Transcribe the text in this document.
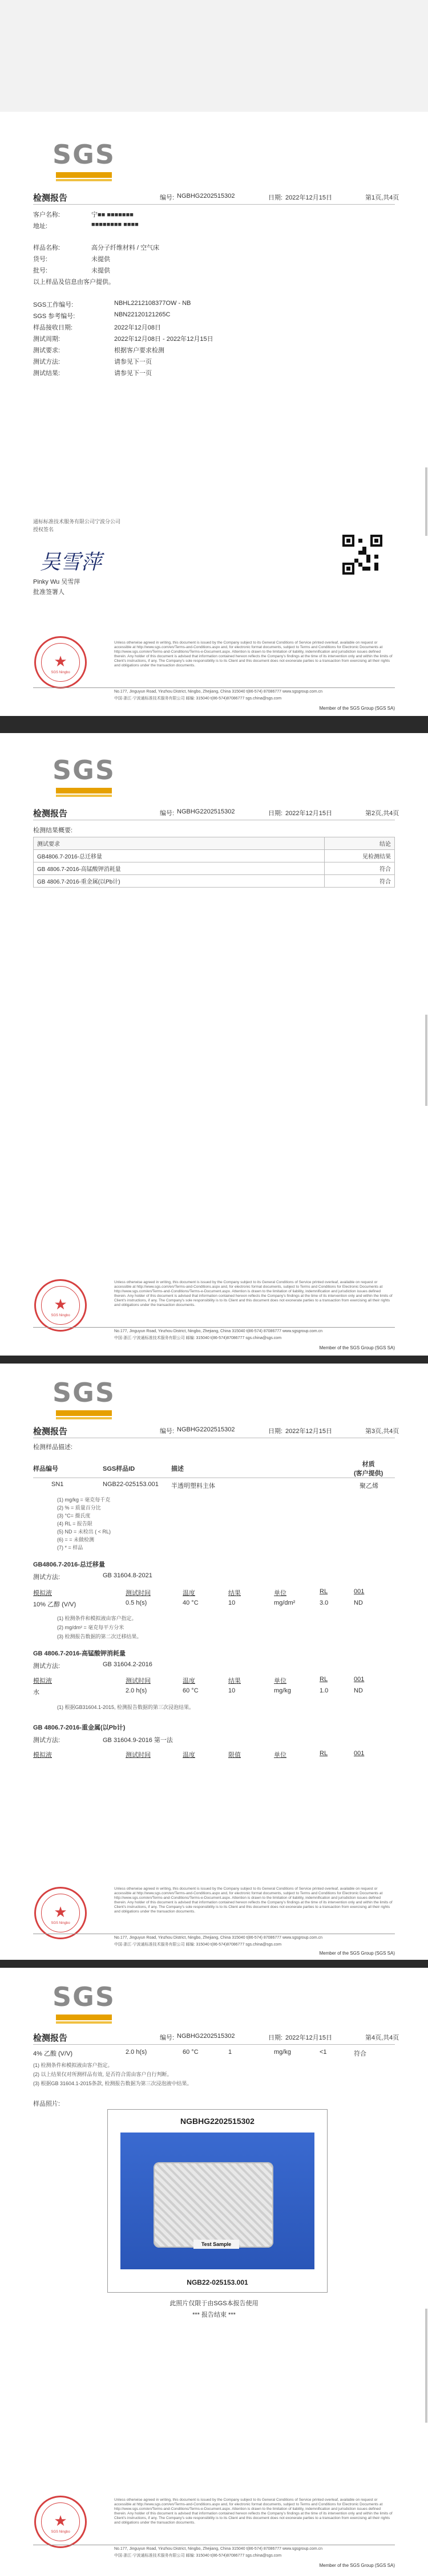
SGS
检测报告	编号: NGBHG2202515302	日期: 2022年12月15日	第1页,共4页
客户名称:	宁■■ ■■■■■■■
地址:	■■■■■■■■ ■■■■
样品名称:	高分子纤维材料 / 空气床
货号:	未提供
批号:	未提供
以上样品及信息由客户提供。
SGS工作编号:	NBHL2212108377OW - NB
SGS 参考编号:	NBN22120121265C
样品接收日期:	2022年12月08日
测试周期:	2022年12月08日 - 2022年12月15日
测试要求:	根据客户要求检测
测试方法:	请参见下一页
测试结果:	请参见下一页
通标标准技术服务有限公司宁波分公司
授权签名
吴雪萍
Pinky Wu 吴雪萍
批准签署人
★
SGS Ningbo
Unless otherwise agreed in writing, this document is issued by the Company subject to its General Conditions of Service printed overleaf, available on request or accessible at http://www.sgs.com/en/Terms-and-Conditions.aspx and, for electronic format documents, subject to Terms and Conditions for Electronic Documents at http://www.sgs.com/en/Terms-and-Conditions/Terms-e-Document.aspx. Attention is drawn to the limitation of liability, indemnification and jurisdiction issues defined therein. Any holder of this document is advised that information contained hereon reflects the Company's findings at the time of its intervention only and within the limits of Client's instructions, if any. The Company's sole responsibility is to its Client and this document does not exonerate parties to a transaction from exercising all their rights and obligations under the transaction documents.
No.177, Jinguyun Road, Yinzhou District, Ningbo, Zhejiang, China 315040 t(86-574) 87086777 www.sgsgroup.com.cn
中国·浙江·宁波通标准技术服务有限公司 邮编: 315040 t(86-574)87086777 sgs.china@sgs.com
Member of the SGS Group (SGS SA)
SGS
检测报告	编号: NGBHG2202515302	日期: 2022年12月15日	第2页,共4页
检测结果概要:
测试要求	结论
GB4806.7-2016-总迁移量	见检测结果
GB 4806.7-2016-高锰酸钾消耗量	符合
GB 4806.7-2016-重金属(以Pb计)	符合
★
SGS Ningbo
Unless otherwise agreed in writing, this document is issued by the Company subject to its General Conditions of Service printed overleaf, available on request or accessible at http://www.sgs.com/en/Terms-and-Conditions.aspx and, for electronic format documents, subject to Terms and Conditions for Electronic Documents at http://www.sgs.com/en/Terms-and-Conditions/Terms-e-Document.aspx. Attention is drawn to the limitation of liability, indemnification and jurisdiction issues defined therein. Any holder of this document is advised that information contained hereon reflects the Company's findings at the time of its intervention only and within the limits of Client's instructions, if any. The Company's sole responsibility is to its Client and this document does not exonerate parties to a transaction from exercising all their rights and obligations under the transaction documents.
No.177, Jinguyun Road, Yinzhou District, Ningbo, Zhejiang, China 315040 t(86-574) 87086777 www.sgsgroup.com.cn
中国·浙江·宁波通标准技术服务有限公司 邮编: 315040 t(86-574)87086777 sgs.china@sgs.com
Member of the SGS Group (SGS SA)
SGS
检测报告	编号: NGBHG2202515302	日期: 2022年12月15日	第3页,共4页
检测样品描述:
样品编号	SGS样品ID	描述
材质
(客户提供)
SN1	NGB22-025153.001 半透明塑料主体	聚乙烯
(1) mg/kg = 毫克每千克
(2) % = 质量百分比
(3) °C= 摄氏度
(4) RL = 报告限
(5) ND = 未检出 ( < RL)
(6) = = 未做检测
(7) * = 样品
GB4806.7-2016-总迁移量
测试方法:	GB 31604.8-2021
模拟液	测试时间	温度	结果	单位	RL	001
10% 乙醇 (V/V)	0.5 h(s)	40 °C	10	mg/dm²	3.0	ND
(1) 检测条件和模拟液由客户指定。
(2) mg/dm² = 毫克每平方分米
(3) 检测报告数据的第二次迁移结果。
GB 4806.7-2016-高锰酸钾消耗量
测试方法:	GB 31604.2-2016
模拟液	测试时间	温度	结果	单位	RL	001
水	2.0 h(s)	60 °C	10	mg/kg	1.0	ND
(1) 根据GB31604.1-2015, 检测报告数据的第三次浸泡结果。
GB 4806.7-2016-重金属(以Pb计)
测试方法:	GB 31604.9-2016 第一法
模拟液	测试时间	温度	限值	单位	RL	001
★
SGS Ningbo
Unless otherwise agreed in writing, this document is issued by the Company subject to its General Conditions of Service printed overleaf, available on request or accessible at http://www.sgs.com/en/Terms-and-Conditions.aspx and, for electronic format documents, subject to Terms and Conditions for Electronic Documents at http://www.sgs.com/en/Terms-and-Conditions/Terms-e-Document.aspx. Attention is drawn to the limitation of liability, indemnification and jurisdiction issues defined therein. Any holder of this document is advised that information contained hereon reflects the Company's findings at the time of its intervention only and within the limits of Client's instructions, if any. The Company's sole responsibility is to its Client and this document does not exonerate parties to a transaction from exercising all their rights and obligations under the transaction documents.
No.177, Jinguyun Road, Yinzhou District, Ningbo, Zhejiang, China 315040 t(86-574) 87086777 www.sgsgroup.com.cn
中国·浙江·宁波通标准技术服务有限公司 邮编: 315040 t(86-574)87086777 sgs.china@sgs.com
Member of the SGS Group (SGS SA)
SGS
检测报告	编号: NGBHG2202515302	日期: 2022年12月15日	第4页,共4页
4% 乙酸 (V/V)	2.0 h(s)	60 °C	1	mg/kg	<1	符合
(1) 检测条件和模拟液由客户指定。
(2) 以上结果仅对所测样品有效, 是否符合需由客户自行判断。
(3) 根据GB 31604.1-2015条款, 检测报告数据为第三次浸泡液中结果。
样品照片:
NGBHG2202515302
Test Sample
NGB22-025153.001
此照片仅限于由SGS本报告使用
*** 报告结束 ***
★
SGS Ningbo
Unless otherwise agreed in writing, this document is issued by the Company subject to its General Conditions of Service printed overleaf, available on request or accessible at http://www.sgs.com/en/Terms-and-Conditions.aspx and, for electronic format documents, subject to Terms and Conditions for Electronic Documents at http://www.sgs.com/en/Terms-and-Conditions/Terms-e-Document.aspx. Attention is drawn to the limitation of liability, indemnification and jurisdiction issues defined therein. Any holder of this document is advised that information contained hereon reflects the Company's findings at the time of its intervention only and within the limits of Client's instructions, if any. The Company's sole responsibility is to its Client and this document does not exonerate parties to a transaction from exercising all their rights and obligations under the transaction documents.
No.177, Jinguyun Road, Yinzhou District, Ningbo, Zhejiang, China 315040 t(86-574) 87086777 www.sgsgroup.com.cn
中国·浙江·宁波通标准技术服务有限公司 邮编: 315040 t(86-574)87086777 sgs.china@sgs.com
Member of the SGS Group (SGS SA)
